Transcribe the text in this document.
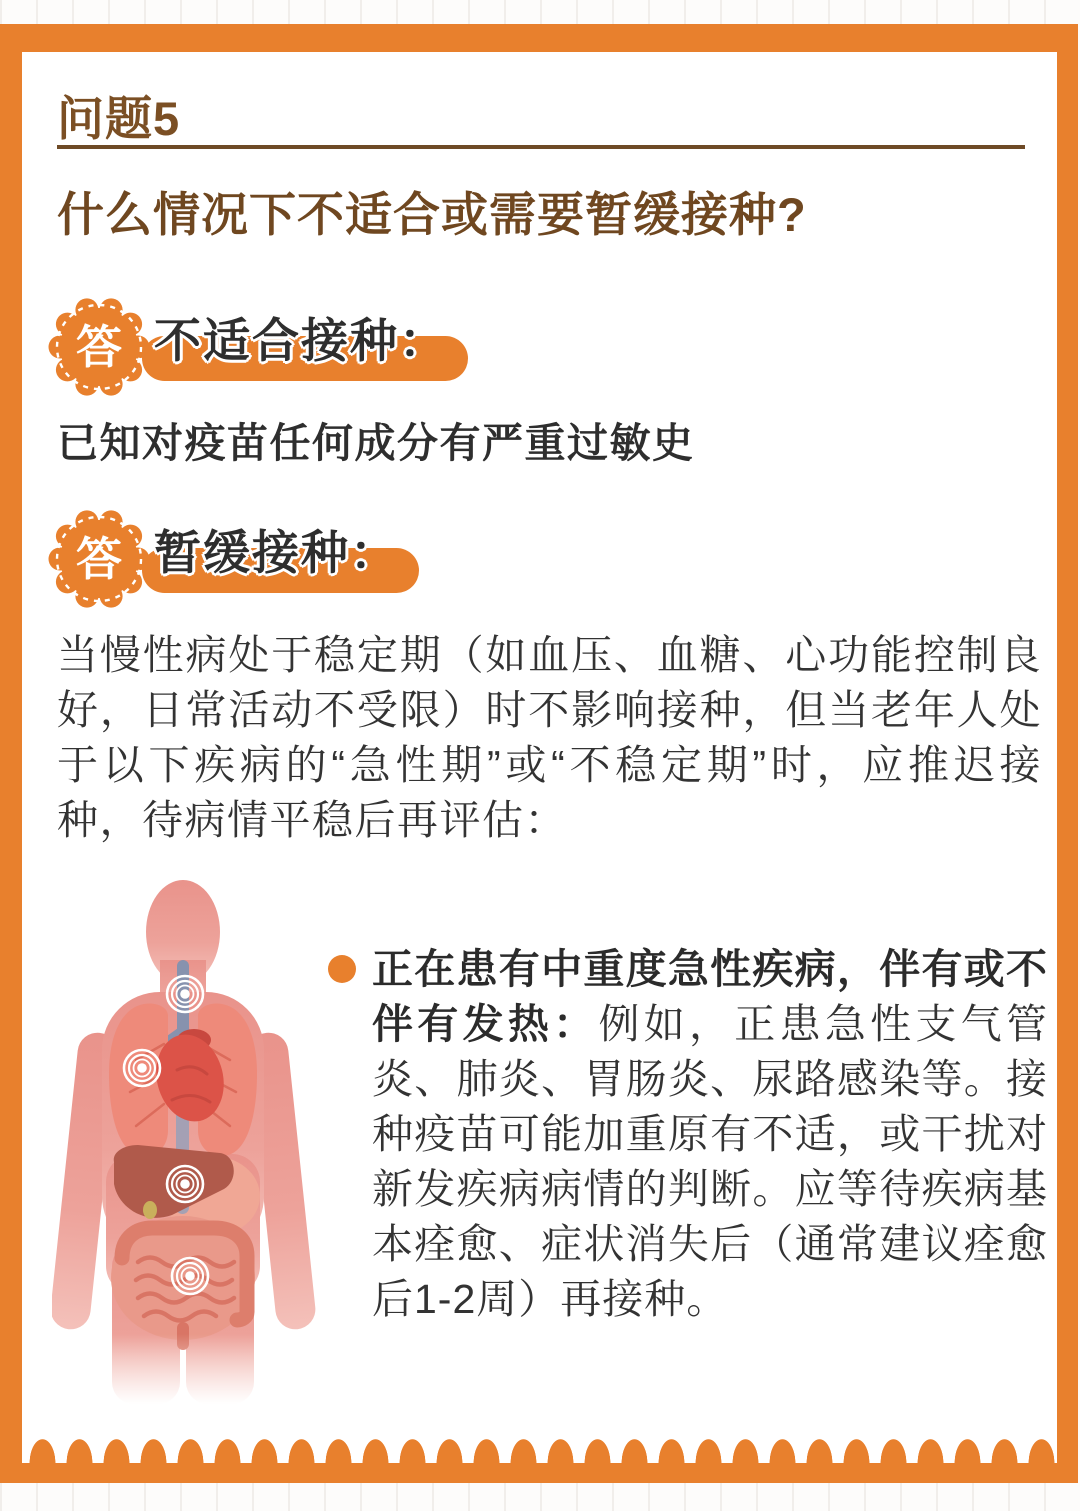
问题5
什么情况下不适合或需要暂缓接种?
答 不适合接种：
已知对疫苗任何成分有严重过敏史
答 暂缓接种：
当慢性病处于稳定期（如血压、血糖、心功能控制良好，日常活动不受限）时不影响接种，但当老年人处于以下疾病的“急性期”或“不稳定期”时，应推迟接种，待病情平稳后再评估：
正在患有中重度急性疾病，伴有或不伴有发热：例如，正患急性支气管炎、肺炎、胃肠炎、尿路感染等。接种疫苗可能加重原有不适，或干扰对新发疾病病情的判断。应等待疾病基本痊愈、症状消失后（通常建议痊愈后1-2周）再接种。
